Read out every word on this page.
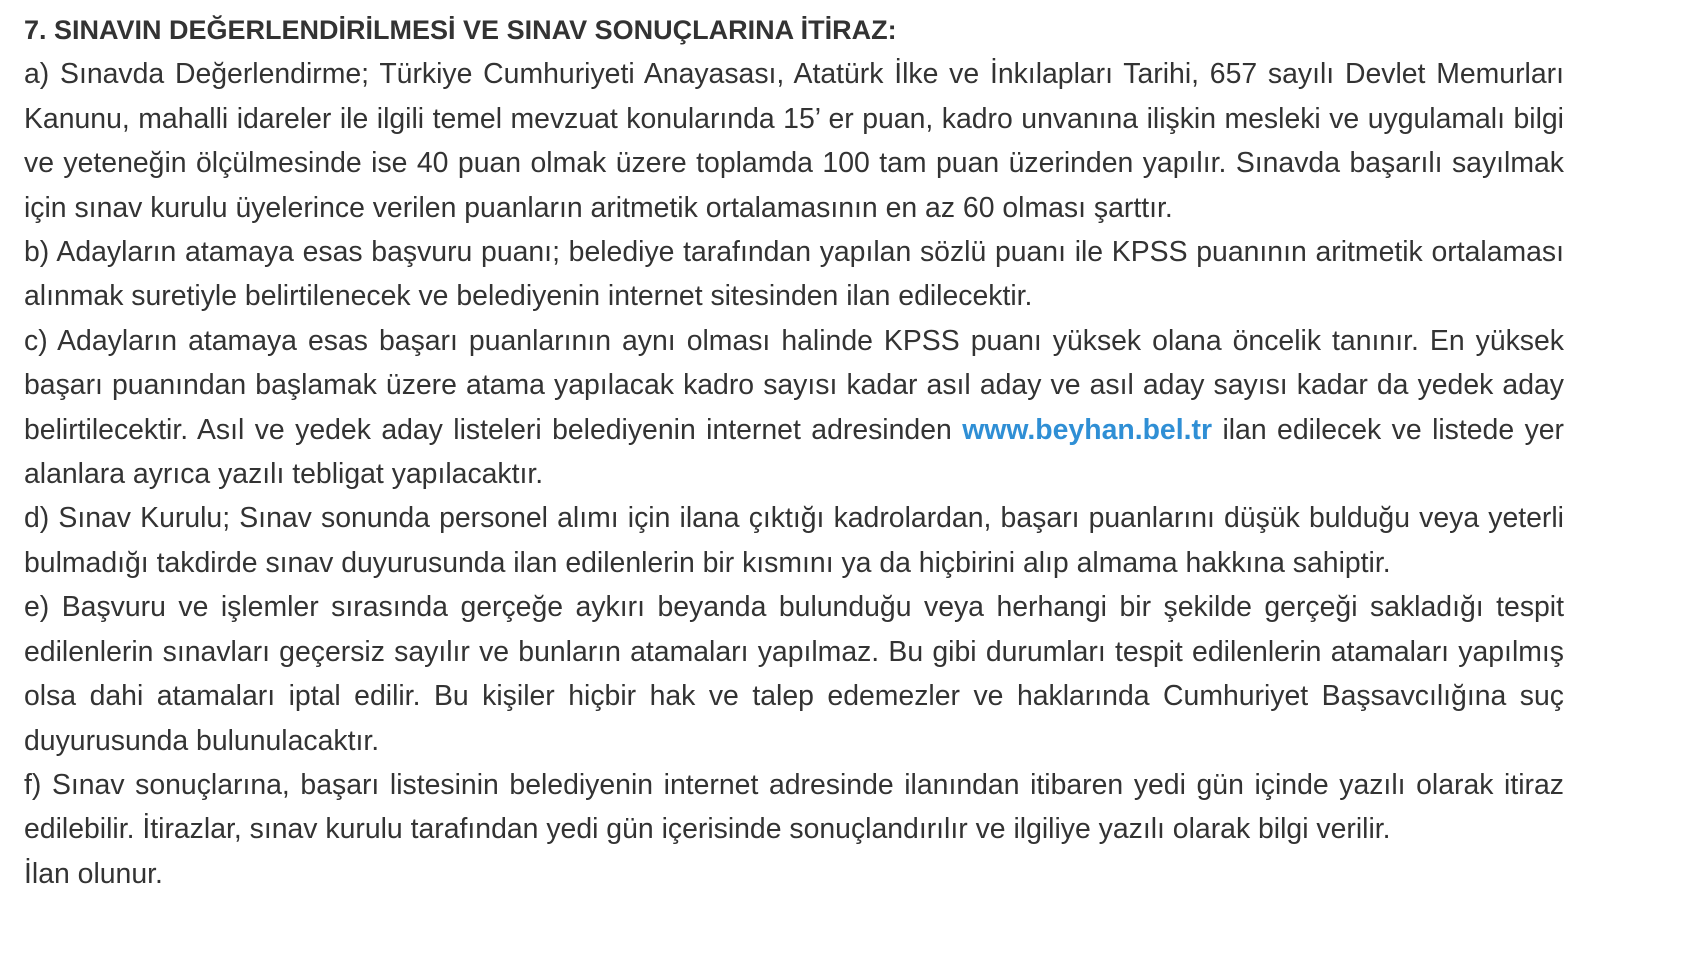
7. SINAVIN DEĞERLENDİRİLMESİ VE SINAV SONUÇLARINA İTİRAZ:

a) Sınavda Değerlendirme; Türkiye Cumhuriyeti Anayasası, Atatürk İlke ve İnkılapları Tarihi, 657 sayılı Devlet Memurları Kanunu, mahalli idareler ile ilgili temel mevzuat konularında 15’ er puan, kadro unvanına ilişkin mesleki ve uygulamalı bilgi ve yeteneğin ölçülmesinde ise 40 puan olmak üzere toplamda 100 tam puan üzerinden yapılır. Sınavda başarılı sayılmak için sınav kurulu üyelerince verilen puanların aritmetik ortalamasının en az 60 olması şarttır.

b) Adayların atamaya esas başvuru puanı; belediye tarafından yapılan sözlü puanı ile KPSS puanının aritmetik ortalaması alınmak suretiyle belirtilenecek ve belediyenin internet sitesinden ilan edilecektir.

c) Adayların atamaya esas başarı puanlarının aynı olması halinde KPSS puanı yüksek olana öncelik tanınır. En yüksek başarı puanından başlamak üzere atama yapılacak kadro sayısı kadar asıl aday ve asıl aday sayısı kadar da yedek aday belirtilecektir. Asıl ve yedek aday listeleri belediyenin internet adresinden www.beyhan.bel.tr ilan edilecek ve listede yer alanlara ayrıca yazılı tebligat yapılacaktır.

d) Sınav Kurulu; Sınav sonunda personel alımı için ilana çıktığı kadrolardan, başarı puanlarını düşük bulduğu veya yeterli bulmadığı takdirde sınav duyurusunda ilan edilenlerin bir kısmını ya da hiçbirini alıp almama hakkına sahiptir.

e) Başvuru ve işlemler sırasında gerçeğe aykırı beyanda bulunduğu veya herhangi bir şekilde gerçeği sakladığı tespit edilenlerin sınavları geçersiz sayılır ve bunların atamaları yapılmaz. Bu gibi durumları tespit edilenlerin atamaları yapılmış olsa dahi atamaları iptal edilir. Bu kişiler hiçbir hak ve talep edemezler ve haklarında Cumhuriyet Başsavcılığına suç duyurusunda bulunulacaktır.

f) Sınav sonuçlarına, başarı listesinin belediyenin internet adresinde ilanından itibaren yedi gün içinde yazılı olarak itiraz edilebilir. İtirazlar, sınav kurulu tarafından yedi gün içerisinde sonuçlandırılır ve ilgiliye yazılı olarak bilgi verilir.

İlan olunur.
